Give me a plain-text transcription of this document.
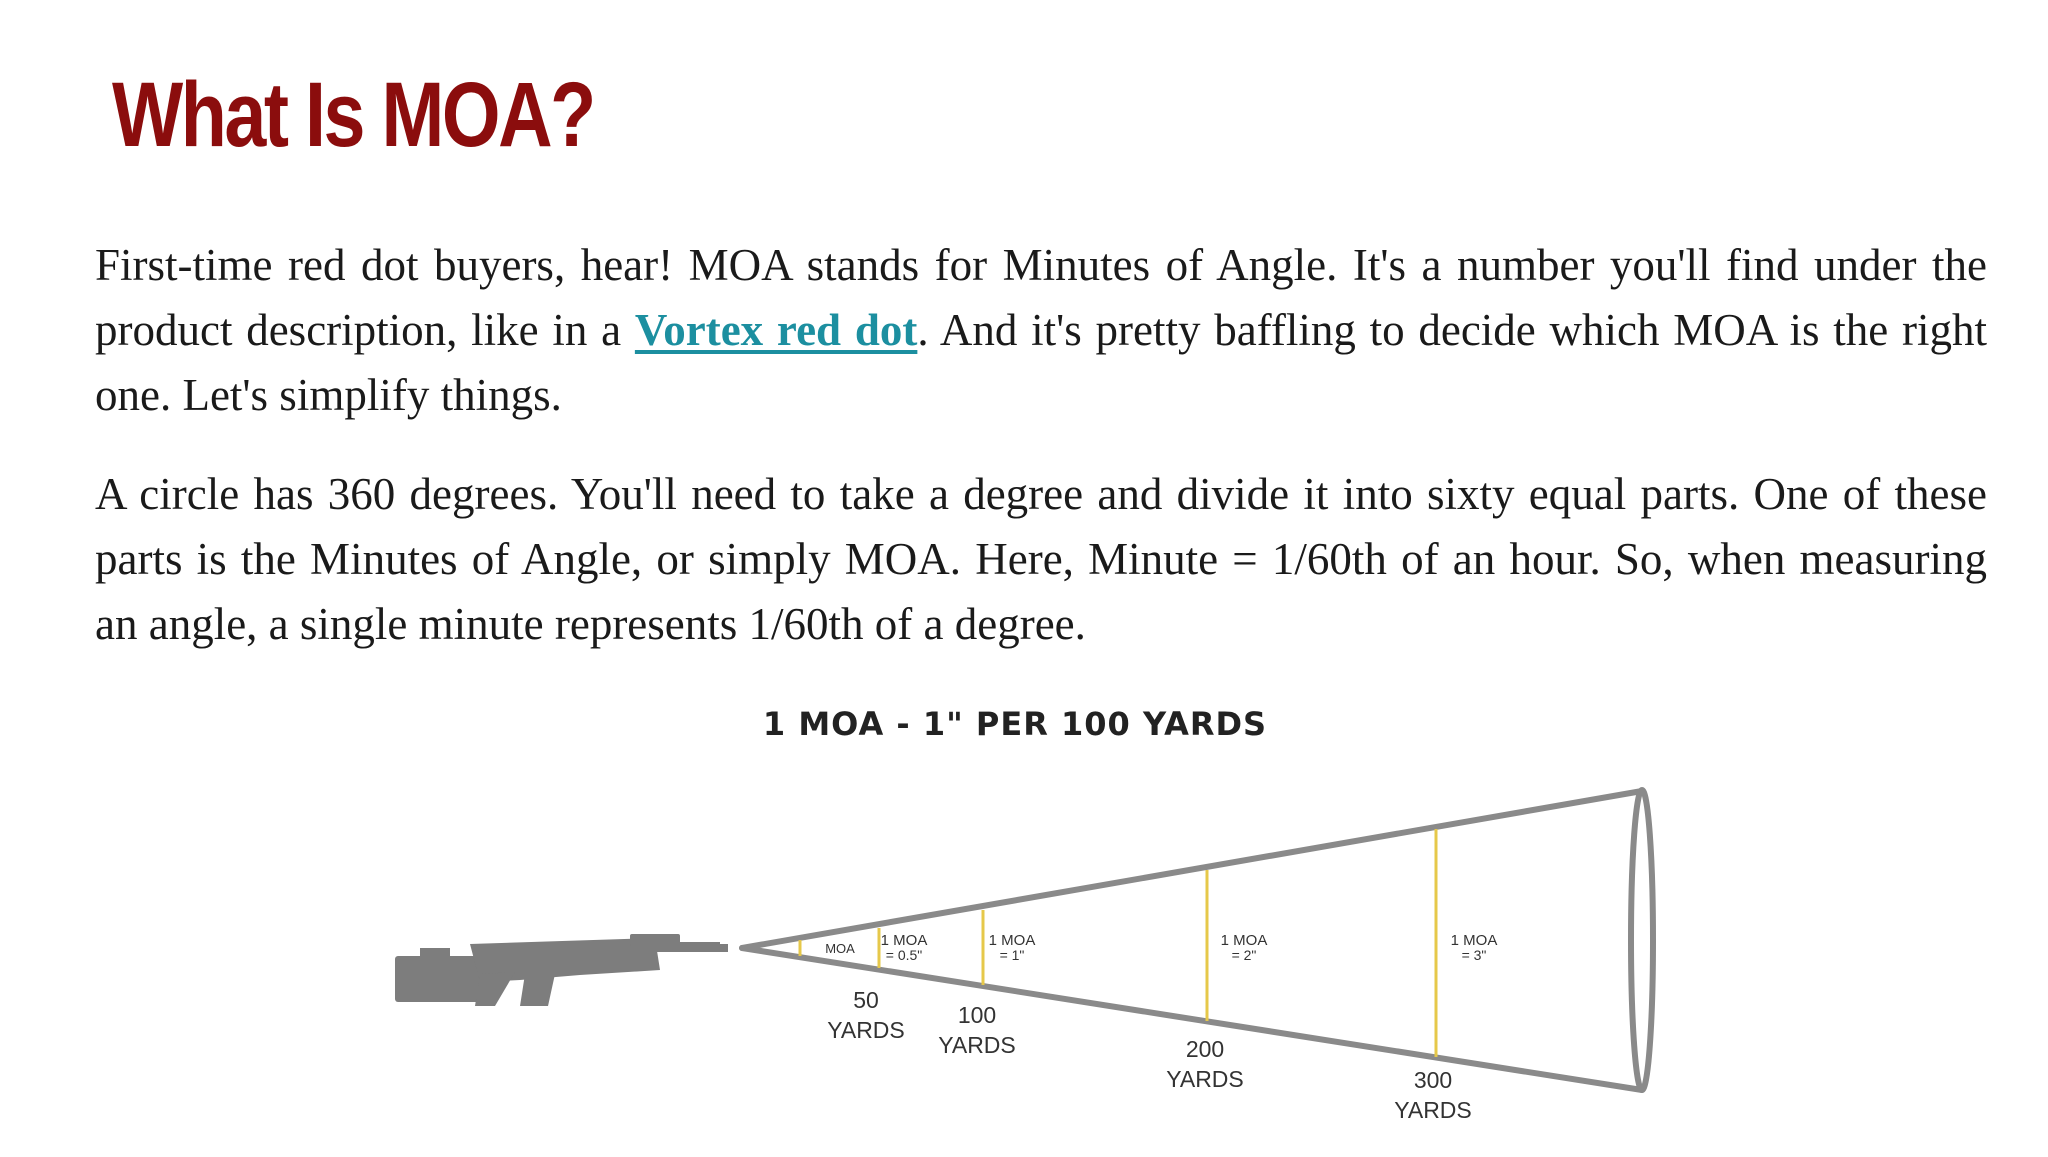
What Is MOA?

First-time red dot buyers, hear! MOA stands for Minutes of Angle. It's a number you'll find under the product description, like in a Vortex red dot. And it's pretty baffling to decide which MOA is the right one. Let's simplify things.

A circle has 360 degrees. You'll need to take a degree and divide it into sixty equal parts. One of these parts is the Minutes of Angle, or simply MOA. Here, Minute = 1/60th of an hour. So, when measuring an angle, a single minute represents 1/60th of a degree.

1 MOA - 1" PER 100 YARDS
MOA 1 MOA
= 0.5"
50
YARDS
1 MOA
= 1"
100
YARDS
1 MOA
= 2"
200
YARDS
1 MOA
= 3"
300
YARDS
